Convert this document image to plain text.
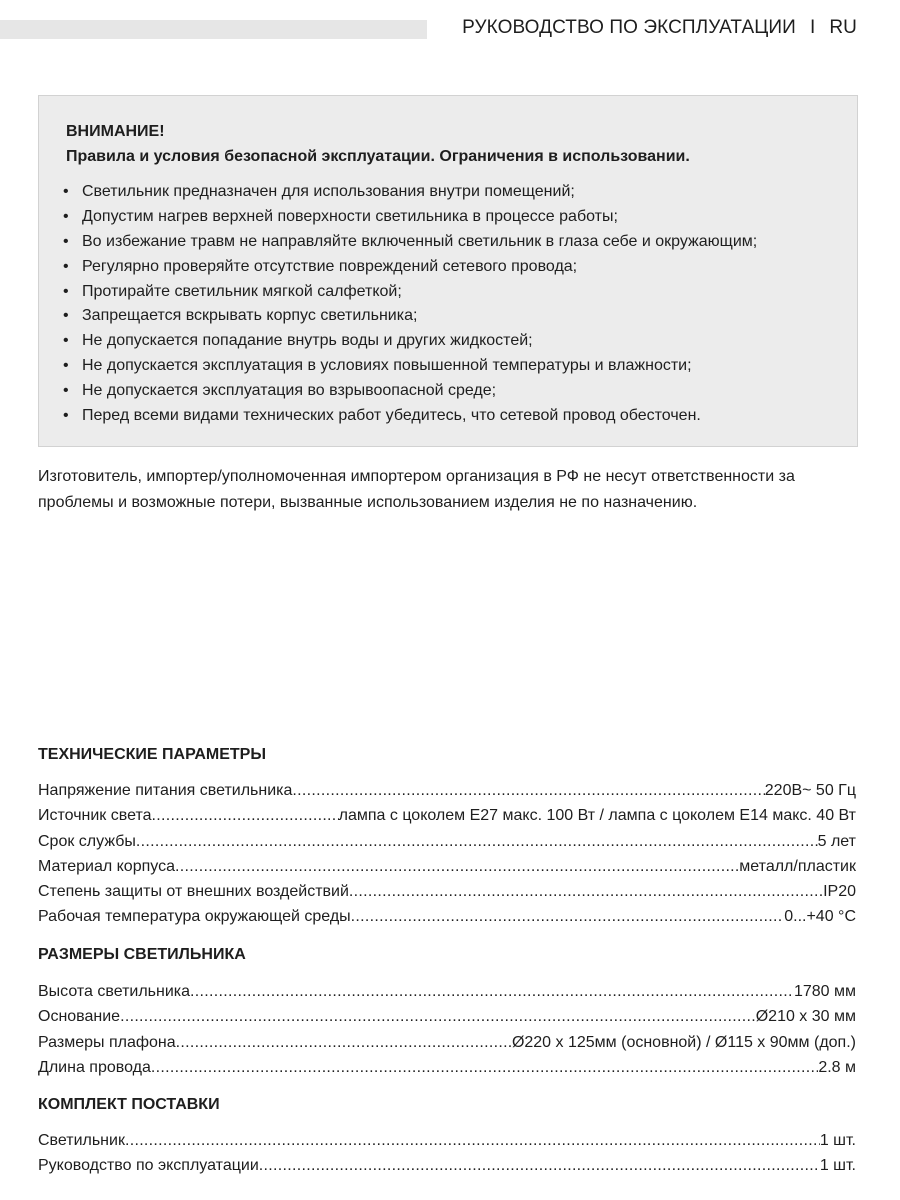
РУКОВОДСТВО ПО ЭКСПЛУАТАЦИИ I RU
ВНИМАНИЕ!
Правила и условия безопасной эксплуатации. Ограничения в использовании.
• Светильник предназначен для использования внутри помещений;
• Допустим нагрев верхней поверхности светильника в процессе работы;
• Во избежание травм не направляйте включенный светильник в глаза себе и окружающим;
• Регулярно проверяйте отсутствие повреждений сетевого провода;
• Протирайте светильник мягкой салфеткой;
• Запрещается вскрывать корпус светильника;
• Не допускается попадание внутрь воды и других жидкостей;
• Не допускается эксплуатация в условиях повышенной температуры и влажности;
• Не допускается эксплуатация во взрывоопасной среде;
• Перед всеми видами технических работ убедитесь, что сетевой провод обесточен.
Изготовитель, импортер/уполномоченная импортером организация в РФ не несут ответственности за проблемы и возможные потери, вызванные использованием изделия не по назначению.
ТЕХНИЧЕСКИЕ ПАРАМЕТРЫ
Напряжение питания светильника .....	220В~ 50 Гц
Источник света .....	лампа с цоколем Е27 макс. 100 Вт / лампа с цоколем Е14 макс. 40 Вт
Срок службы .....	5 лет
Материал корпуса .....	металл/пластик
Степень защиты от внешних воздействий .....	IP20
Рабочая температура окружающей среды .....	0...+40 °С
РАЗМЕРЫ СВЕТИЛЬНИКА
Высота светильника .....	1780 мм
Основание .....	Ø210 х 30 мм
Размеры плафона .....	Ø220 х 125мм (основной) / Ø115 х 90мм (доп.)
Длина провода .....	2.8 м
КОМПЛЕКТ ПОСТАВКИ
Светильник .....	1 шт.
Руководство по эксплуатации .....	1 шт.
